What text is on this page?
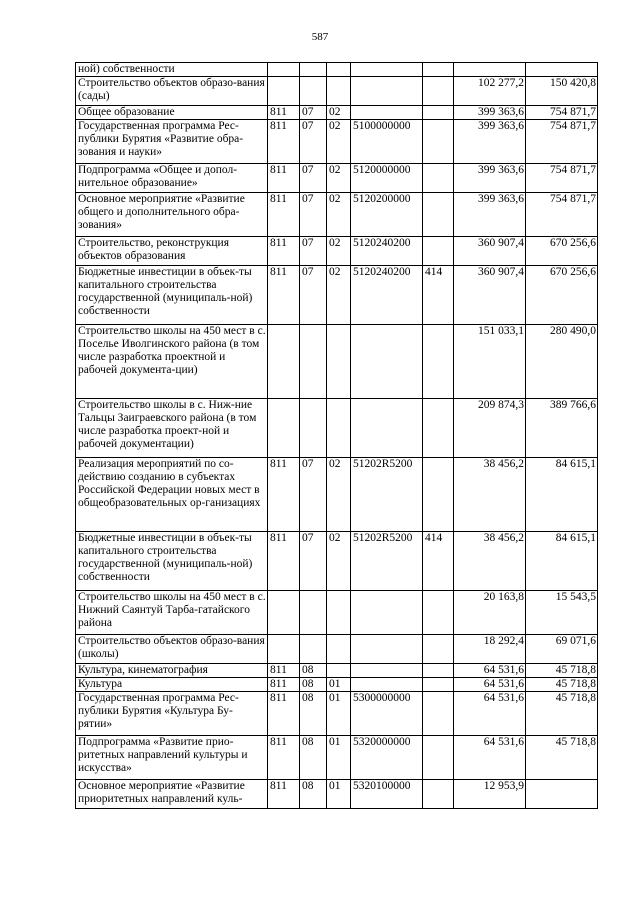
587
ной) собственности							
Строительство объектов образо-вания (сады)						102 277,2	150 420,8
Общее образование	811	07	02			399 363,6	754 871,7
Государственная программа Рес-публики Бурятия «Развитие обра-зования и науки»	811	07	02	5100000000		399 363,6	754 871,7
Подпрограмма «Общее и допол-нительное образование»	811	07	02	5120000000		399 363,6	754 871,7
Основное мероприятие «Развитие общего и дополнительного обра-зования»	811	07	02	5120200000		399 363,6	754 871,7
Строительство, реконструкция объектов образования	811	07	02	5120240200		360 907,4	670 256,6
Бюджетные инвестиции в объек-ты капитального строительства государственной (муниципаль-ной) собственности	811	07	02	5120240200	414	360 907,4	670 256,6
Строительство школы на 450 мест в с. Поселье Иволгинского района (в том числе разработка проектной и рабочей документа-ции)						151 033,1	280 490,0
Строительство школы в с. Ниж-ние Тальцы Заиграевского района (в том числе разработка проект-ной и рабочей документации)						209 874,3	389 766,6
Реализация мероприятий по со-действию созданию в субъектах Российской Федерации новых мест в общеобразовательных ор-ганизациях	811	07	02	51202R5200		38 456,2	84 615,1
Бюджетные инвестиции в объек-ты капитального строительства государственной (муниципаль-ной) собственности	811	07	02	51202R5200	414	38 456,2	84 615,1
Строительство школы на 450 мест в с. Нижний Саянтуй Тарба-гатайского района						20 163,8	15 543,5
Строительство объектов образо-вания (школы)						18 292,4	69 071,6
Культура, кинематография	811	08				64 531,6	45 718,8
Культура	811	08	01			64 531,6	45 718,8
Государственная программа Рес-публики Бурятия «Культура Бу-рятии»	811	08	01	5300000000		64 531,6	45 718,8
Подпрограмма «Развитие прио-ритетных направлений культуры и искусства»	811	08	01	5320000000		64 531,6	45 718,8
Основное мероприятие «Развитие приоритетных направлений куль-	811	08	01	5320100000		12 953,9	
